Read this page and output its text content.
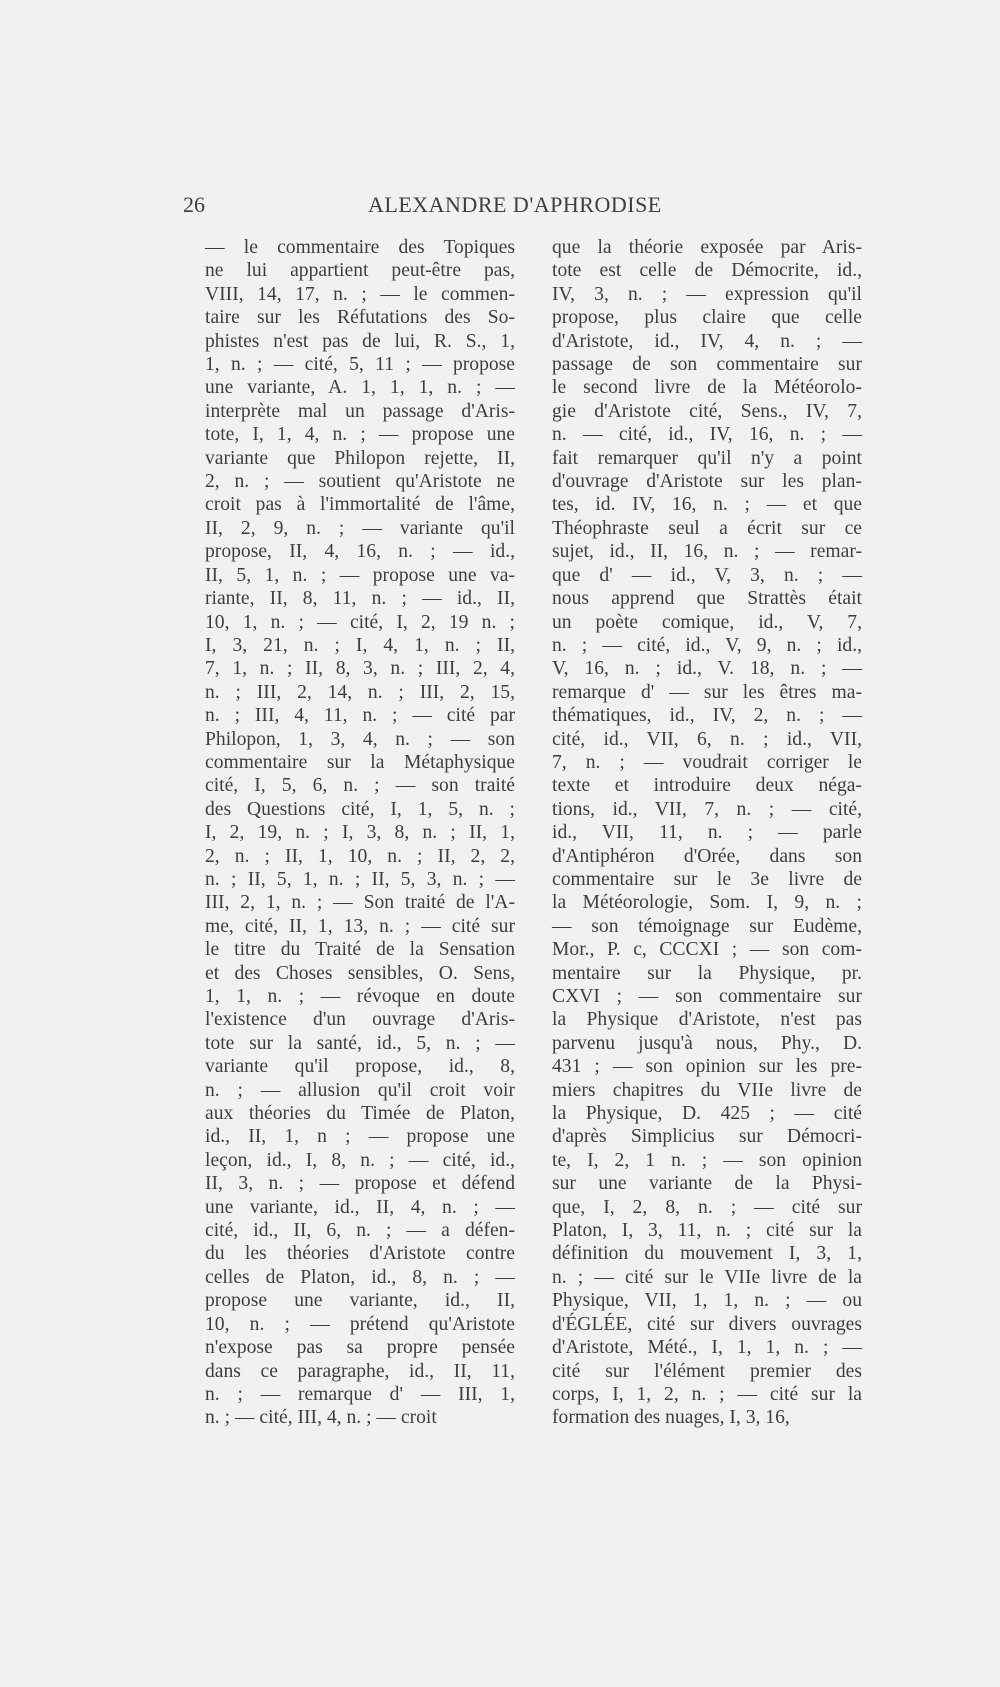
26	ALEXANDRE D'APHRODISE
— le commentaire des Topiques
ne lui appartient peut-être pas,
VIII, 14, 17, n. ; — le commen-
taire sur les Réfutations des So-
phistes n'est pas de lui, R. S., 1,
1, n. ; — cité, 5, 11 ; — propose
une variante, A. 1, 1, 1, n. ; —
interprète mal un passage d'Aris-
tote, I, 1, 4, n. ; — propose une
variante que Philopon rejette, II,
2, n. ; — soutient qu'Aristote ne
croit pas à l'immortalité de l'âme,
II, 2, 9, n. ; — variante qu'il
propose, II, 4, 16, n. ; — id.,
II, 5, 1, n. ; — propose une va-
riante, II, 8, 11, n. ; — id., II,
10, 1, n. ; — cité, I, 2, 19 n. ;
I, 3, 21, n. ; I, 4, 1, n. ; II,
7, 1, n. ; II, 8, 3, n. ; III, 2, 4,
n. ; III, 2, 14, n. ; III, 2, 15,
n. ; III, 4, 11, n. ; — cité par
Philopon, 1, 3, 4, n. ; — son
commentaire sur la Métaphysique
cité, I, 5, 6, n. ; — son traité
des Questions cité, I, 1, 5, n. ;
I, 2, 19, n. ; I, 3, 8, n. ; II, 1,
2, n. ; II, 1, 10, n. ; II, 2, 2,
n. ; II, 5, 1, n. ; II, 5, 3, n. ; —
III, 2, 1, n. ; — Son traité de l'A-
me, cité, II, 1, 13, n. ; — cité sur
le titre du Traité de la Sensation
et des Choses sensibles, O. Sens,
1, 1, n. ; — révoque en doute
l'existence d'un ouvrage d'Aris-
tote sur la santé, id., 5, n. ; —
variante qu'il propose, id., 8,
n. ; — allusion qu'il croit voir
aux théories du Timée de Platon,
id., II, 1, n ; — propose une
leçon, id., I, 8, n. ; — cité, id.,
II, 3, n. ; — propose et défend
une variante, id., II, 4, n. ; —
cité, id., II, 6, n. ; — a défen-
du les théories d'Aristote contre
celles de Platon, id., 8, n. ; —
propose une variante, id., II,
10, n. ; — prétend qu'Aristote
n'expose pas sa propre pensée
dans ce paragraphe, id., II, 11,
n. ; — remarque d' — III, 1,
n. ; — cité, III, 4, n. ; — croit
que la théorie exposée par Aris-
tote est celle de Démocrite, id.,
IV, 3, n. ; — expression qu'il
propose, plus claire que celle
d'Aristote, id., IV, 4, n. ; —
passage de son commentaire sur
le second livre de la Météorolo-
gie d'Aristote cité, Sens., IV, 7,
n. — cité, id., IV, 16, n. ; —
fait remarquer qu'il n'y a point
d'ouvrage d'Aristote sur les plan-
tes, id. IV, 16, n. ; — et que
Théophraste seul a écrit sur ce
sujet, id., II, 16, n. ; — remar-
que d' — id., V, 3, n. ; —
nous apprend que Strattès était
un poète comique, id., V, 7,
n. ; — cité, id., V, 9, n. ; id.,
V, 16, n. ; id., V. 18, n. ; —
remarque d' — sur les êtres ma-
thématiques, id., IV, 2, n. ; —
cité, id., VII, 6, n. ; id., VII,
7, n. ; — voudrait corriger le
texte et introduire deux néga-
tions, id., VII, 7, n. ; — cité,
id., VII, 11, n. ; — parle
d'Antiphéron d'Orée, dans son
commentaire sur le 3e livre de
la Météorologie, Som. I, 9, n. ;
— son témoignage sur Eudème,
Mor., P. c, CCCXI ; — son com-
mentaire sur la Physique, pr.
CXVI ; — son commentaire sur
la Physique d'Aristote, n'est pas
parvenu jusqu'à nous, Phy., D.
431 ; — son opinion sur les pre-
miers chapitres du VIIe livre de
la Physique, D. 425 ; — cité
d'après Simplicius sur Démocri-
te, I, 2, 1 n. ; — son opinion
sur une variante de la Physi-
que, I, 2, 8, n. ; — cité sur
Platon, I, 3, 11, n. ; cité sur la
définition du mouvement I, 3, 1,
n. ; — cité sur le VIIe livre de la
Physique, VII, 1, 1, n. ; — ou
d'ÉGLÉE, cité sur divers ouvrages
d'Aristote, Mété., I, 1, 1, n. ; —
cité sur l'élément premier des
corps, I, 1, 2, n. ; — cité sur la
formation des nuages, I, 3, 16,
